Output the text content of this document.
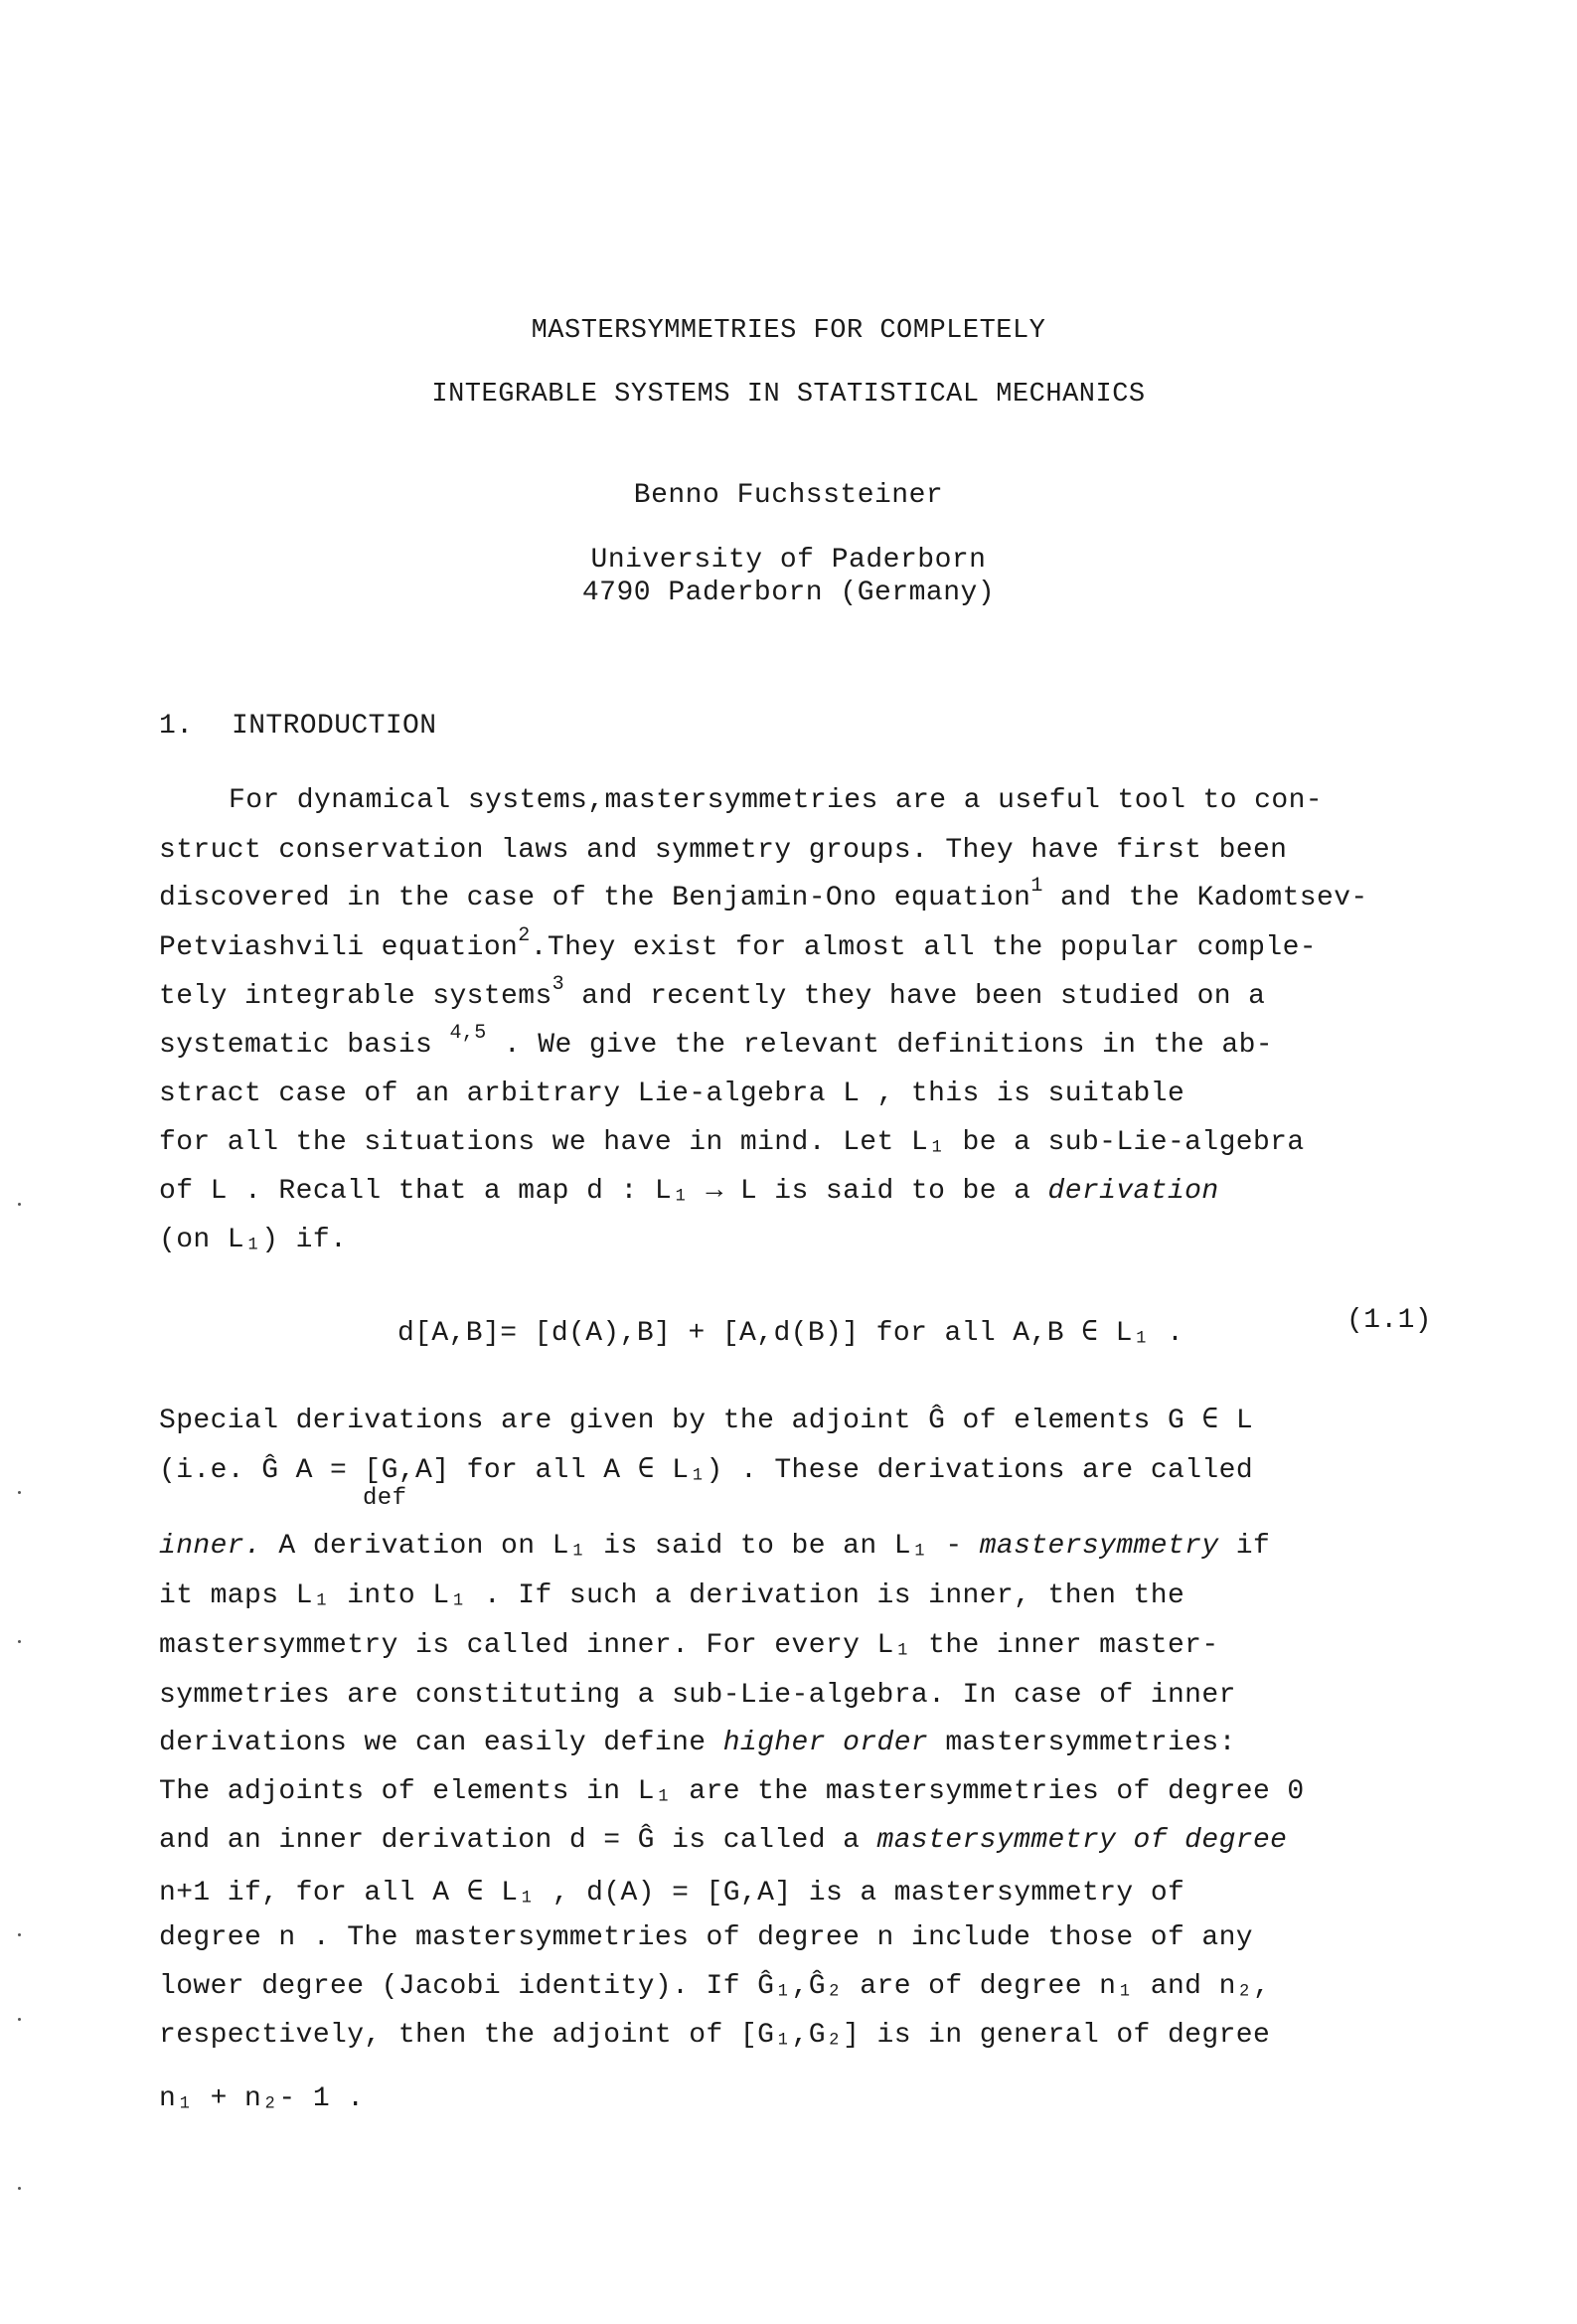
MASTERSYMMETRIES FOR COMPLETELY
INTEGRABLE SYSTEMS IN STATISTICAL MECHANICS
Benno Fuchssteiner
University of Paderborn
4790 Paderborn (Germany)
1. INTRODUCTION
For dynamical systems,mastersymmetries are a useful tool to con-
struct conservation laws and symmetry groups. They have first been
discovered in the case of the Benjamin-Ono equation$^1$ and the Kadomtsev-
Petviashvili equation$^2$.They exist for almost all the popular comple-
tely integrable systems$^3$ and recently they have been studied on a
systematic basis $^{4,5}$ . We give the relevant definitions in the ab-
stract case of an arbitrary Lie-algebra L , this is suitable
for all the situations we have in mind. Let L₁ be a sub-Lie-algebra
of L . Recall that a map d : L₁ → L is said to be a derivation
(on L₁) if.
d[A,B]= [d(A),B] + [A,d(B)] for all A,B ∈ L₁ .	(1.1)
Special derivations are given by the adjoint Ĝ of elements G ∈ L
(i.e. Ĝ A = [G,A] for all A ∈ L₁) . These derivations are called
def
inner. A derivation on L₁ is said to be an L₁ - mastersymmetry if
it maps L₁ into L₁ . If such a derivation is inner, then the
mastersymmetry is called inner. For every L₁ the inner master-
symmetries are constituting a sub-Lie-algebra. In case of inner
derivations we can easily define higher order mastersymmetries:
The adjoints of elements in L₁ are the mastersymmetries of degree 0
and an inner derivation d = Ĝ is called a mastersymmetry of degree
n+1 if, for all A ∈ L₁ , d(A) = [G,A] is a mastersymmetry of
degree n . The mastersymmetries of degree n include those of any
lower degree (Jacobi identity). If Ĝ₁,Ĝ₂ are of degree n₁ and n₂,
respectively, then the adjoint of [G₁,G₂] is in general of degree
n₁ + n₂- 1 .
